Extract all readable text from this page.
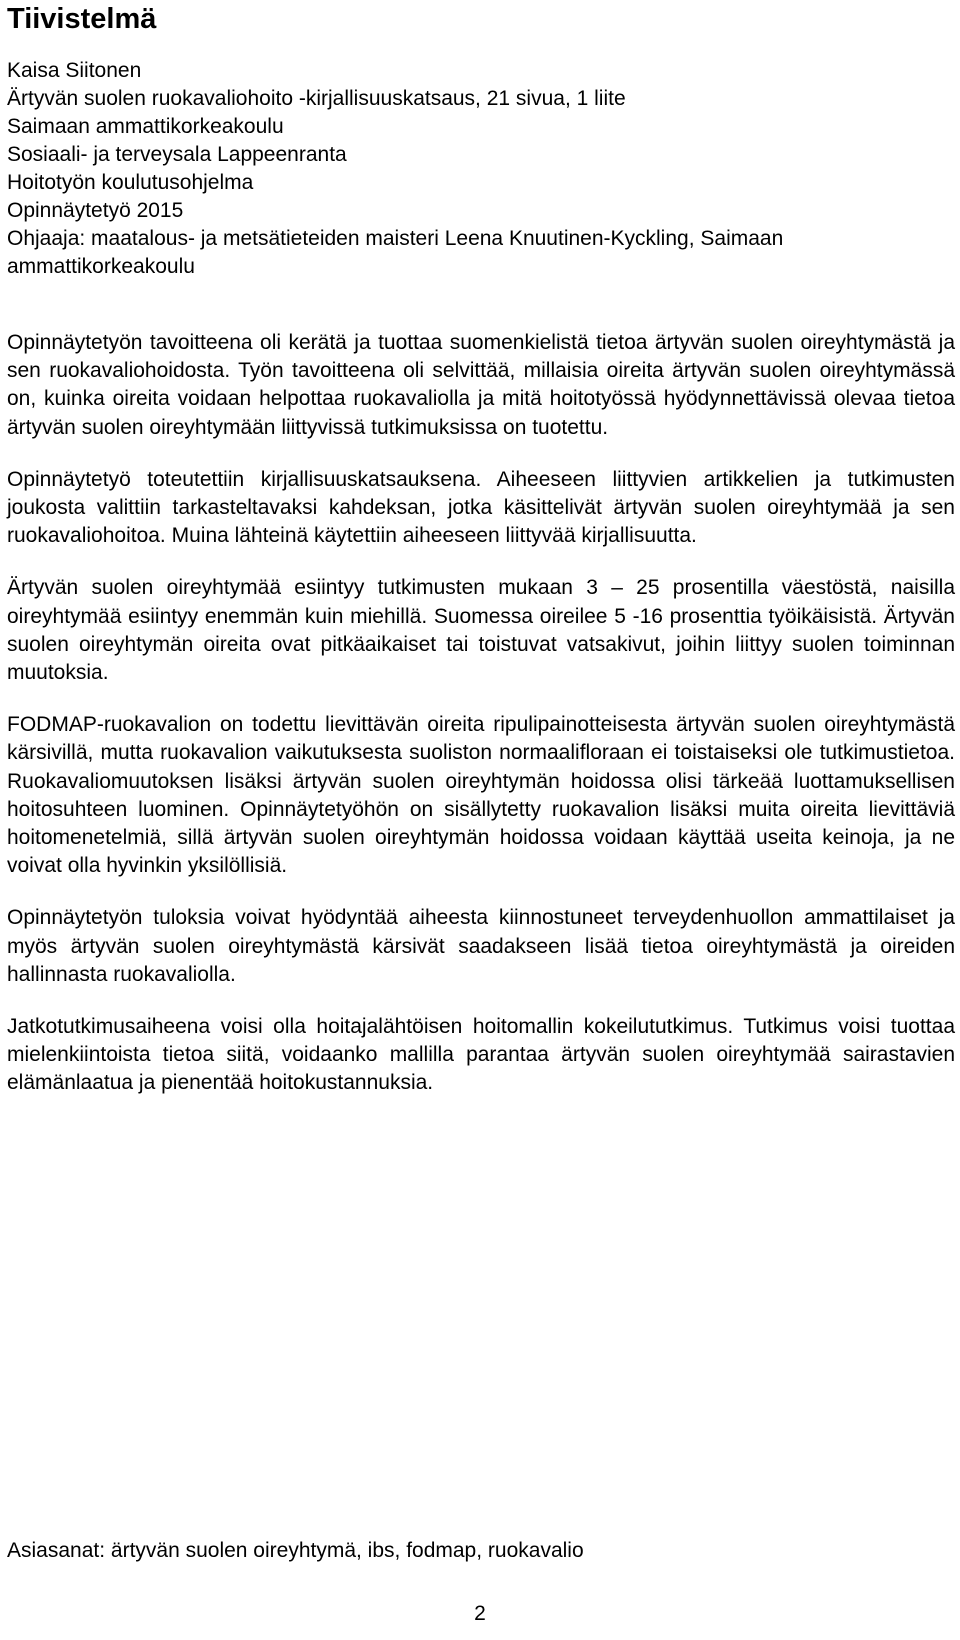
Tiivistelmä
Kaisa Siitonen
Ärtyvän suolen ruokavaliohoito -kirjallisuuskatsaus, 21 sivua, 1 liite
Saimaan ammattikorkeakoulu
Sosiaali- ja terveysala Lappeenranta
Hoitotyön koulutusohjelma
Opinnäytetyö 2015
Ohjaaja: maatalous- ja metsätieteiden maisteri Leena Knuutinen-Kyckling, Saimaan ammattikorkeakoulu

Opinnäytetyön tavoitteena oli kerätä ja tuottaa suomenkielistä tietoa ärtyvän suolen oireyhtymästä ja sen ruokavaliohoidosta. Työn tavoitteena oli selvittää, millaisia oireita ärtyvän suolen oireyhtymässä on, kuinka oireita voidaan helpottaa ruokavaliolla ja mitä hoitotyössä hyödynnettävissä olevaa tietoa ärtyvän suolen oireyhtymään liittyvissä tutkimuksissa on tuotettu.

Opinnäytetyö toteutettiin kirjallisuuskatsauksena. Aiheeseen liittyvien artikkelien ja tutkimusten joukosta valittiin tarkasteltavaksi kahdeksan, jotka käsittelivät ärtyvän suolen oireyhtymää ja sen ruokavaliohoitoa. Muina lähteinä käytettiin aiheeseen liittyvää kirjallisuutta.

Ärtyvän suolen oireyhtymää esiintyy tutkimusten mukaan 3 – 25 prosentilla väestöstä, naisilla oireyhtymää esiintyy enemmän kuin miehillä. Suomessa oireilee 5 -16 prosenttia työikäisistä. Ärtyvän suolen oireyhtymän oireita ovat pitkäaikaiset tai toistuvat vatsakivut, joihin liittyy suolen toiminnan muutoksia.

FODMAP-ruokavalion on todettu lievittävän oireita ripulipainotteisesta ärtyvän suolen oireyhtymästä kärsivillä, mutta ruokavalion vaikutuksesta suoliston normaalifloraan ei toistaiseksi ole tutkimustietoa. Ruokavaliomuutoksen lisäksi ärtyvän suolen oireyhtymän hoidossa olisi tärkeää luottamuksellisen hoitosuhteen luominen. Opinnäytetyöhön on sisällytetty ruokavalion lisäksi muita oireita lievittäviä hoitomenetelmiä, sillä ärtyvän suolen oireyhtymän hoidossa voidaan käyttää useita keinoja, ja ne voivat olla hyvinkin yksilöllisiä.

Opinnäytetyön tuloksia voivat hyödyntää aiheesta kiinnostuneet terveydenhuollon ammattilaiset ja myös ärtyvän suolen oireyhtymästä kärsivät saadakseen lisää tietoa oireyhtymästä ja oireiden hallinnasta ruokavaliolla.

Jatkotutkimusaiheena voisi olla hoitajalähtöisen hoitomallin kokeilututkimus. Tutkimus voisi tuottaa mielenkiintoista tietoa siitä, voidaanko mallilla parantaa ärtyvän suolen oireyhtymää sairastavien elämänlaatua ja pienentää hoitokustannuksia.

Asiasanat: ärtyvän suolen oireyhtymä, ibs, fodmap, ruokavalio
2
